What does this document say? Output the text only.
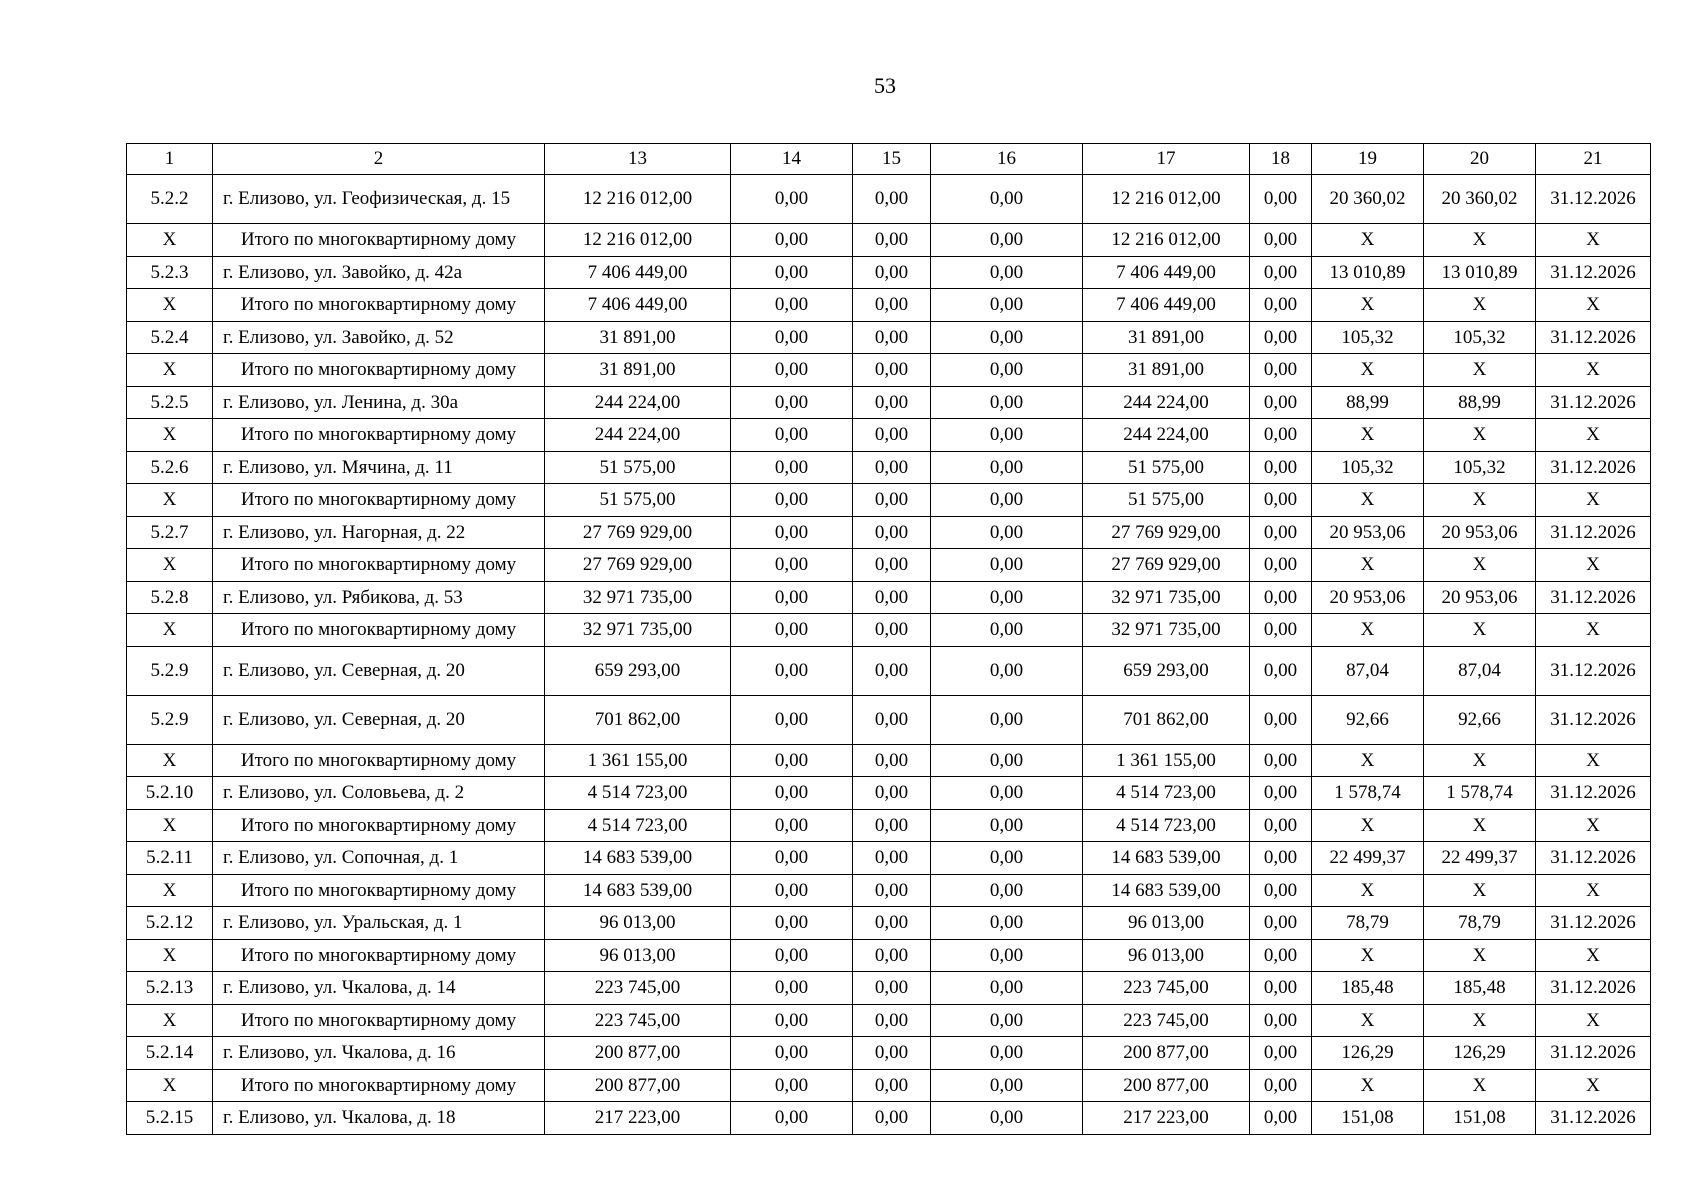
53
1	2	13	14	15	16	17	18	19	20	21
5.2.2	г. Елизово, ул. Геофизическая, д. 15	12 216 012,00	0,00	0,00	0,00	12 216 012,00	0,00	20 360,02	20 360,02	31.12.2026
Х	Итого по многоквартирному дому	12 216 012,00	0,00	0,00	0,00	12 216 012,00	0,00	Х	Х	Х
5.2.3	г. Елизово, ул. Завойко, д. 42а	7 406 449,00	0,00	0,00	0,00	7 406 449,00	0,00	13 010,89	13 010,89	31.12.2026
Х	Итого по многоквартирному дому	7 406 449,00	0,00	0,00	0,00	7 406 449,00	0,00	Х	Х	Х
5.2.4	г. Елизово, ул. Завойко, д. 52	31 891,00	0,00	0,00	0,00	31 891,00	0,00	105,32	105,32	31.12.2026
Х	Итого по многоквартирному дому	31 891,00	0,00	0,00	0,00	31 891,00	0,00	Х	Х	Х
5.2.5	г. Елизово, ул. Ленина, д. 30а	244 224,00	0,00	0,00	0,00	244 224,00	0,00	88,99	88,99	31.12.2026
Х	Итого по многоквартирному дому	244 224,00	0,00	0,00	0,00	244 224,00	0,00	Х	Х	Х
5.2.6	г. Елизово, ул. Мячина, д. 11	51 575,00	0,00	0,00	0,00	51 575,00	0,00	105,32	105,32	31.12.2026
Х	Итого по многоквартирному дому	51 575,00	0,00	0,00	0,00	51 575,00	0,00	Х	Х	Х
5.2.7	г. Елизово, ул. Нагорная, д. 22	27 769 929,00	0,00	0,00	0,00	27 769 929,00	0,00	20 953,06	20 953,06	31.12.2026
Х	Итого по многоквартирному дому	27 769 929,00	0,00	0,00	0,00	27 769 929,00	0,00	Х	Х	Х
5.2.8	г. Елизово, ул. Рябикова, д. 53	32 971 735,00	0,00	0,00	0,00	32 971 735,00	0,00	20 953,06	20 953,06	31.12.2026
Х	Итого по многоквартирному дому	32 971 735,00	0,00	0,00	0,00	32 971 735,00	0,00	Х	Х	Х
5.2.9	г. Елизово, ул. Северная, д. 20	659 293,00	0,00	0,00	0,00	659 293,00	0,00	87,04	87,04	31.12.2026
5.2.9	г. Елизово, ул. Северная, д. 20	701 862,00	0,00	0,00	0,00	701 862,00	0,00	92,66	92,66	31.12.2026
Х	Итого по многоквартирному дому	1 361 155,00	0,00	0,00	0,00	1 361 155,00	0,00	Х	Х	Х
5.2.10	г. Елизово, ул. Соловьева, д. 2	4 514 723,00	0,00	0,00	0,00	4 514 723,00	0,00	1 578,74	1 578,74	31.12.2026
Х	Итого по многоквартирному дому	4 514 723,00	0,00	0,00	0,00	4 514 723,00	0,00	Х	Х	Х
5.2.11	г. Елизово, ул. Сопочная, д. 1	14 683 539,00	0,00	0,00	0,00	14 683 539,00	0,00	22 499,37	22 499,37	31.12.2026
Х	Итого по многоквартирному дому	14 683 539,00	0,00	0,00	0,00	14 683 539,00	0,00	Х	Х	Х
5.2.12	г. Елизово, ул. Уральская, д. 1	96 013,00	0,00	0,00	0,00	96 013,00	0,00	78,79	78,79	31.12.2026
Х	Итого по многоквартирному дому	96 013,00	0,00	0,00	0,00	96 013,00	0,00	Х	Х	Х
5.2.13	г. Елизово, ул. Чкалова, д. 14	223 745,00	0,00	0,00	0,00	223 745,00	0,00	185,48	185,48	31.12.2026
Х	Итого по многоквартирному дому	223 745,00	0,00	0,00	0,00	223 745,00	0,00	Х	Х	Х
5.2.14	г. Елизово, ул. Чкалова, д. 16	200 877,00	0,00	0,00	0,00	200 877,00	0,00	126,29	126,29	31.12.2026
Х	Итого по многоквартирному дому	200 877,00	0,00	0,00	0,00	200 877,00	0,00	Х	Х	Х
5.2.15	г. Елизово, ул. Чкалова, д. 18	217 223,00	0,00	0,00	0,00	217 223,00	0,00	151,08	151,08	31.12.2026
